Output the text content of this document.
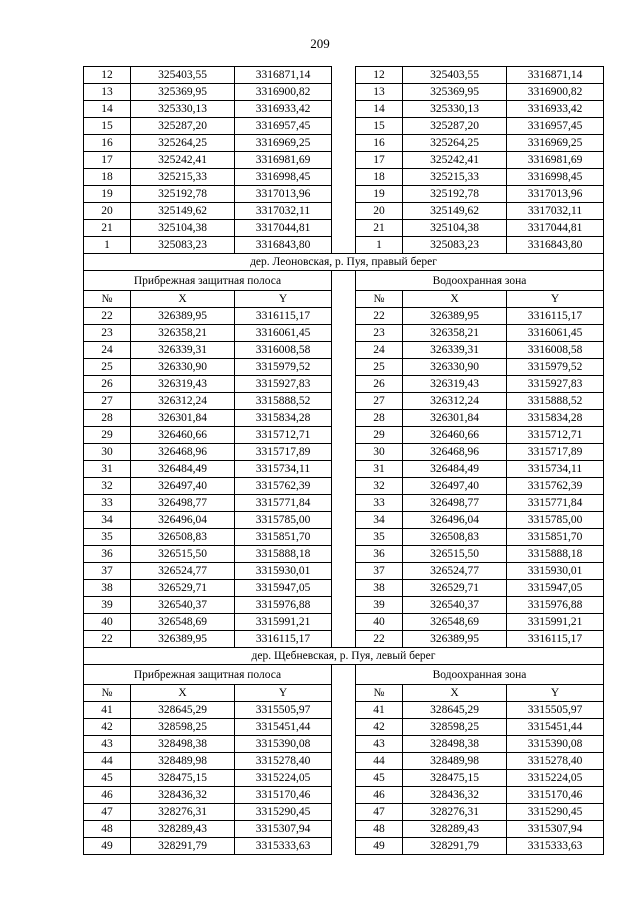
209
12	325403,55	3316871,14		12	325403,55	3316871,14
13	325369,95	3316900,82		13	325369,95	3316900,82
14	325330,13	3316933,42		14	325330,13	3316933,42
15	325287,20	3316957,45		15	325287,20	3316957,45
16	325264,25	3316969,25		16	325264,25	3316969,25
17	325242,41	3316981,69		17	325242,41	3316981,69
18	325215,33	3316998,45		18	325215,33	3316998,45
19	325192,78	3317013,96		19	325192,78	3317013,96
20	325149,62	3317032,11		20	325149,62	3317032,11
21	325104,38	3317044,81		21	325104,38	3317044,81
1	325083,23	3316843,80		1	325083,23	3316843,80
дер. Леоновская, р. Пуя, правый берег						
Прибрежная защитная полоса				Водоохранная зона		
№	X	Y		№	X	Y
22	326389,95	3316115,17		22	326389,95	3316115,17
23	326358,21	3316061,45		23	326358,21	3316061,45
24	326339,31	3316008,58		24	326339,31	3316008,58
25	326330,90	3315979,52		25	326330,90	3315979,52
26	326319,43	3315927,83		26	326319,43	3315927,83
27	326312,24	3315888,52		27	326312,24	3315888,52
28	326301,84	3315834,28		28	326301,84	3315834,28
29	326460,66	3315712,71		29	326460,66	3315712,71
30	326468,96	3315717,89		30	326468,96	3315717,89
31	326484,49	3315734,11		31	326484,49	3315734,11
32	326497,40	3315762,39		32	326497,40	3315762,39
33	326498,77	3315771,84		33	326498,77	3315771,84
34	326496,04	3315785,00		34	326496,04	3315785,00
35	326508,83	3315851,70		35	326508,83	3315851,70
36	326515,50	3315888,18		36	326515,50	3315888,18
37	326524,77	3315930,01		37	326524,77	3315930,01
38	326529,71	3315947,05		38	326529,71	3315947,05
39	326540,37	3315976,88		39	326540,37	3315976,88
40	326548,69	3315991,21		40	326548,69	3315991,21
22	326389,95	3316115,17		22	326389,95	3316115,17
дер. Щебневская, р. Пуя, левый берег						
Прибрежная защитная полоса				Водоохранная зона		
№	X	Y		№	X	Y
41	328645,29	3315505,97		41	328645,29	3315505,97
42	328598,25	3315451,44		42	328598,25	3315451,44
43	328498,38	3315390,08		43	328498,38	3315390,08
44	328489,98	3315278,40		44	328489,98	3315278,40
45	328475,15	3315224,05		45	328475,15	3315224,05
46	328436,32	3315170,46		46	328436,32	3315170,46
47	328276,31	3315290,45		47	328276,31	3315290,45
48	328289,43	3315307,94		48	328289,43	3315307,94
49	328291,79	3315333,63		49	328291,79	3315333,63
